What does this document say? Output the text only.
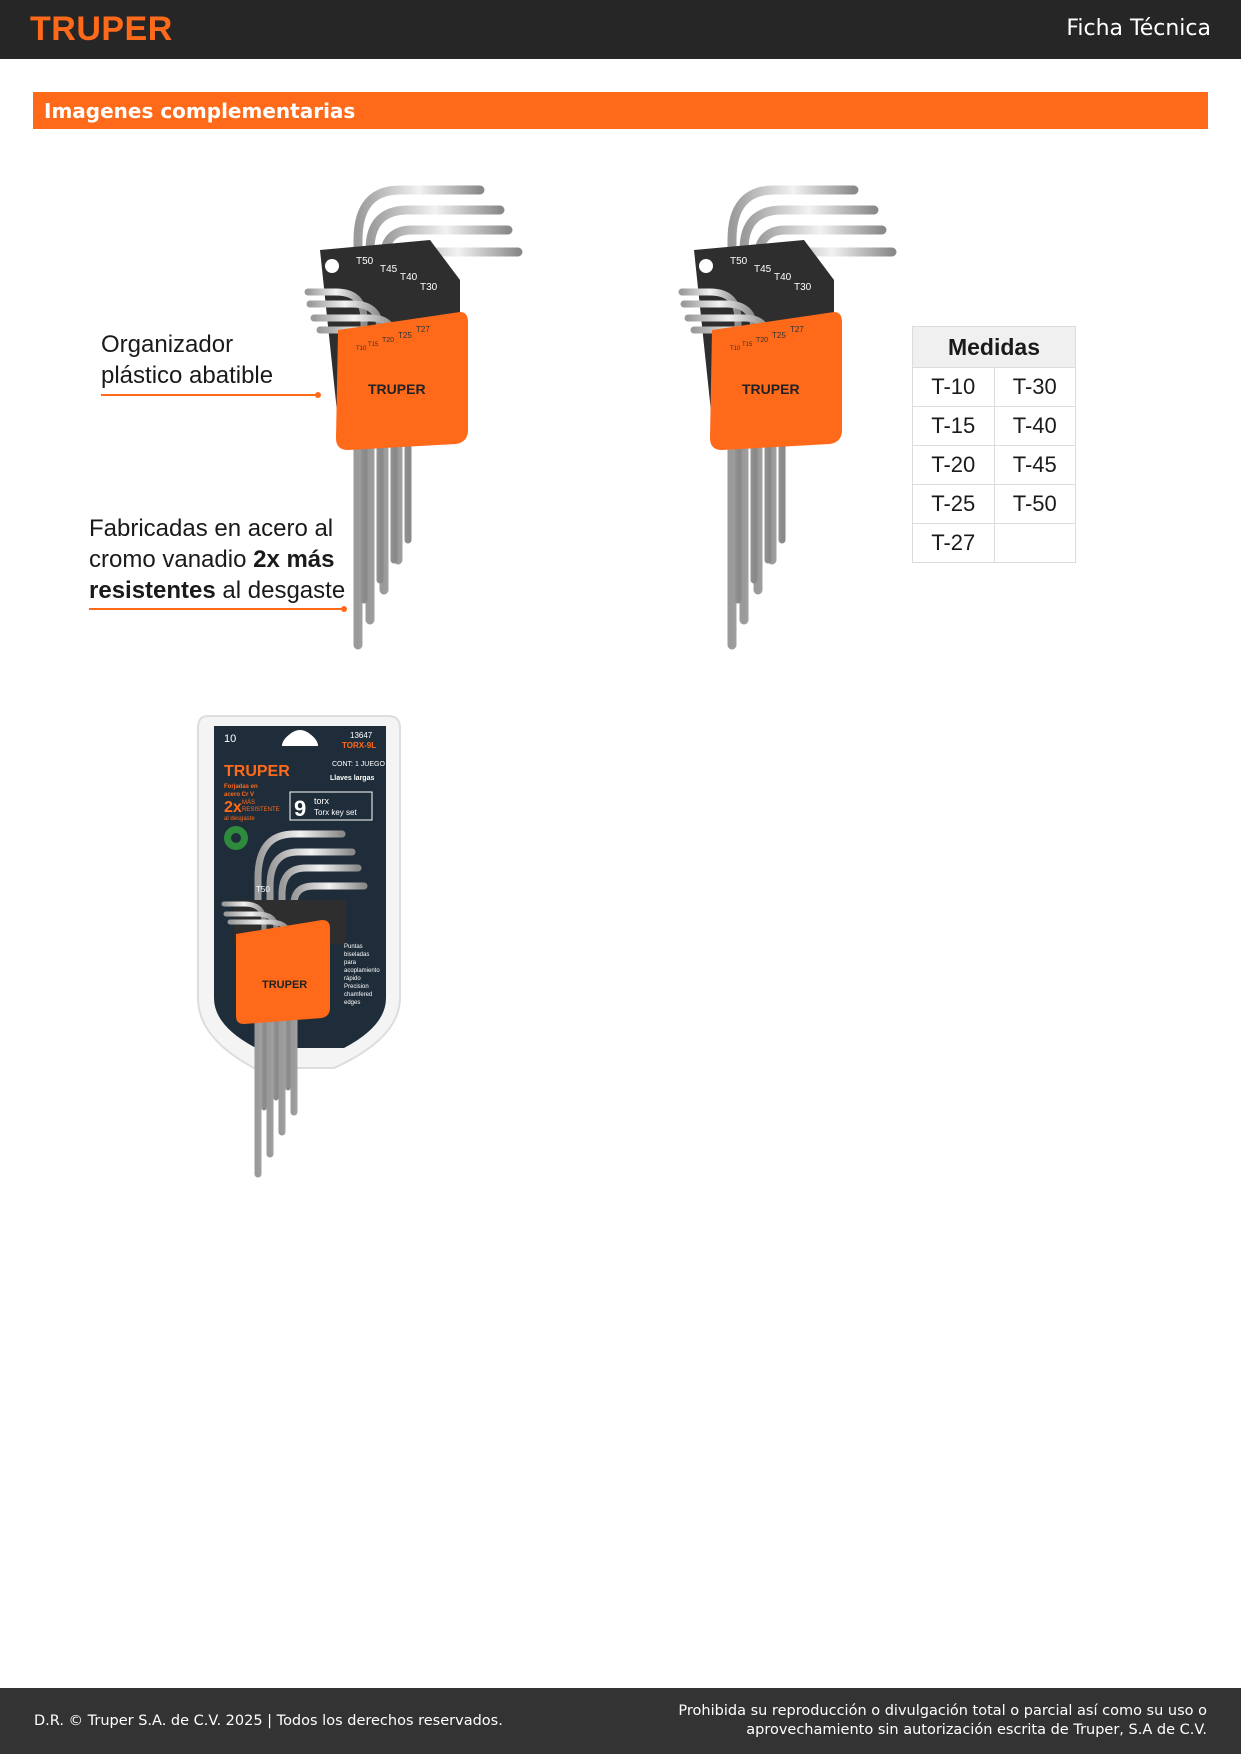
TRUPER	Ficha Técnica
Imagenes complementarias
TRUPER
T50
T45
T40
T30
T27
T25
T20
T15
T10
Organizador
plástico abatible
Fabricadas en acero al
cromo vanadio 2x más
resistentes al desgaste
TRUPER
T50
T45
T40
T30
T27
T25
T20
T15
T10	Medidas	
T-10	T-30
T-15	T-40
T-20	T-45
T-25	T-50
T-27	
10	13647
TORX-9L
TRUPER	CONT: 1 JUEGO
Llaves largas
Forjadas en
acero Cr V
2x MÁS
RESISTENTE
al desgaste 9 torx
Torx key set
T50
TRUPER
Puntas
biseladas
para
acoplamiento
rápido
Precision
chamfered
edges
D.R. © Truper S.A. de C.V. 2025 | Todos los derechos reservados.
Prohibida su reproducción o divulgación total o parcial así como su uso o
aprovechamiento sin autorización escrita de Truper, S.A de C.V.
